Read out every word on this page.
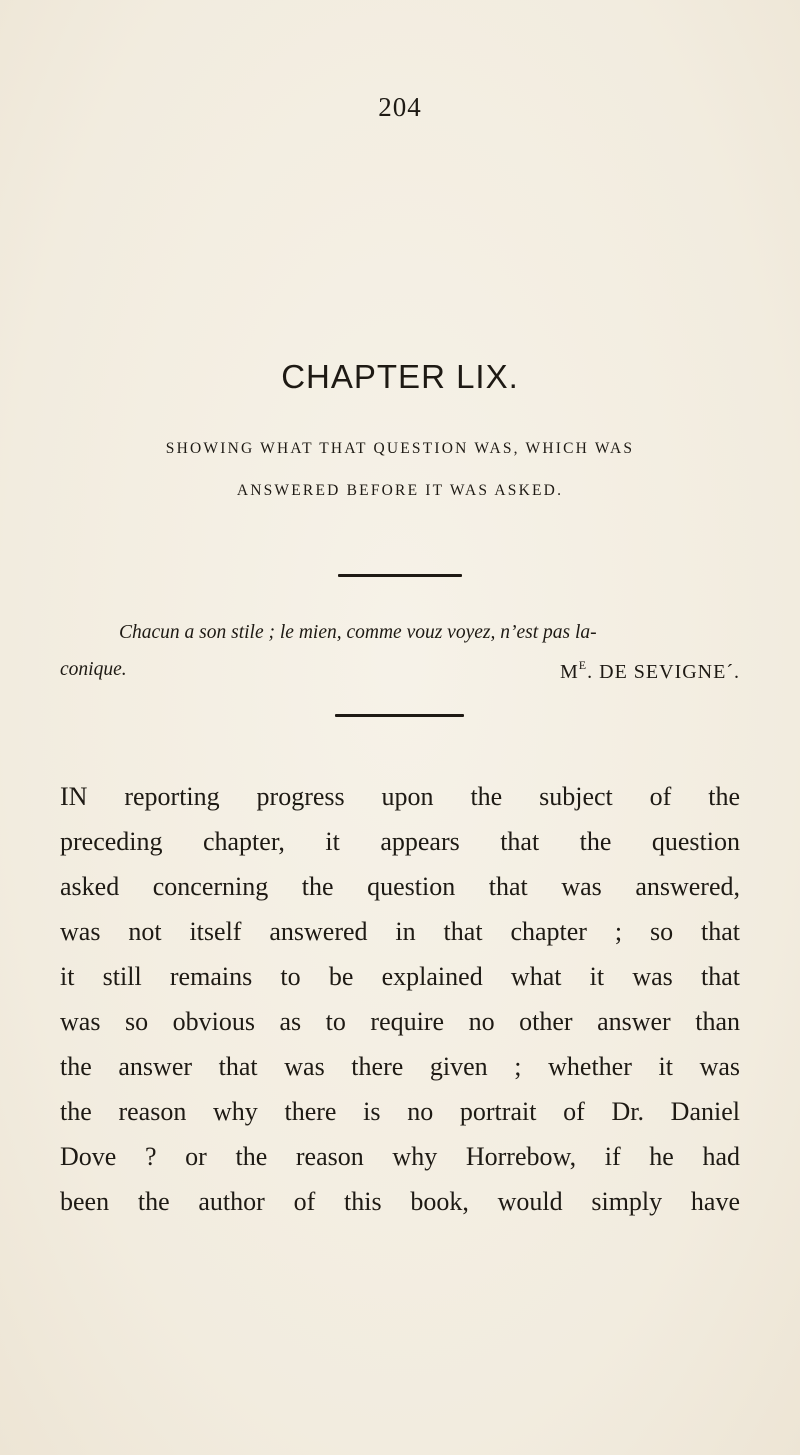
204
CHAPTER LIX.
SHOWING WHAT THAT QUESTION WAS, WHICH WAS
ANSWERED BEFORE IT WAS ASKED.
Chacun a son stile ; le mien, comme vouz voyez, n’est pas la-
conique.	$M^E$. DE SEVIGNE´.
IN reporting progress upon the subject of the
preceding chapter, it appears that the question
asked concerning the question that was answered,
was not itself answered in that chapter ; so that
it still remains to be explained what it was that
was so obvious as to require no other answer than
the answer that was there given ; whether it was
the reason why there is no portrait of Dr. Daniel
Dove ? or the reason why Horrebow, if he had
been the author of this book, would simply have
